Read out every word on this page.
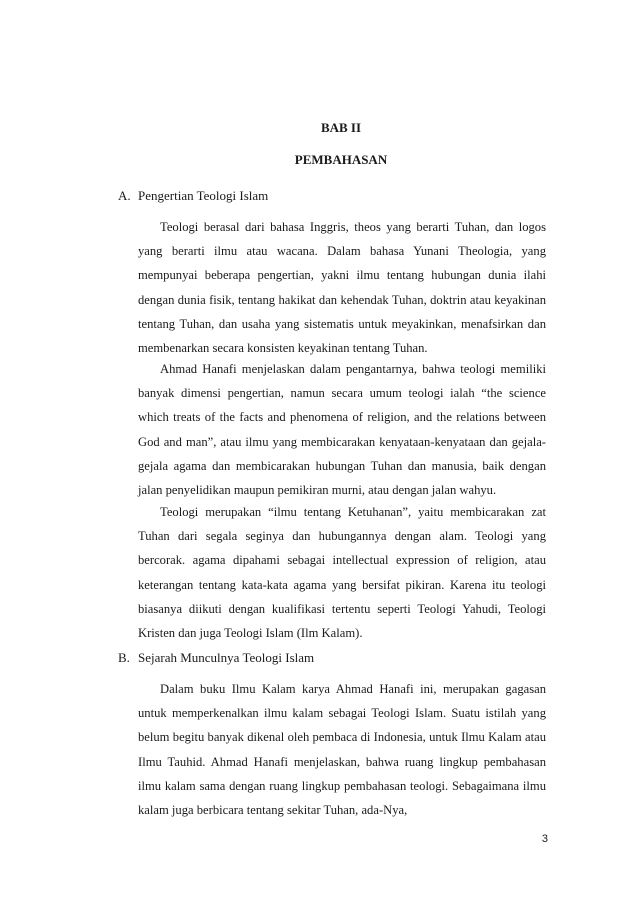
BAB II
PEMBAHASAN
A. Pengertian Teologi Islam

Teologi berasal dari bahasa Inggris, theos yang berarti Tuhan, dan logos yang berarti ilmu atau wacana. Dalam bahasa Yunani Theologia, yang mempunyai beberapa pengertian, yakni ilmu tentang hubungan dunia ilahi dengan dunia fisik, tentang hakikat dan kehendak Tuhan, doktrin atau keyakinan tentang Tuhan, dan usaha yang sistematis untuk meyakinkan, menafsirkan dan membenarkan secara konsisten keyakinan tentang Tuhan.

Ahmad Hanafi menjelaskan dalam pengantarnya, bahwa teologi memiliki banyak dimensi pengertian, namun secara umum teologi ialah “the science which treats of the facts and phenomena of religion, and the relations between God and man”, atau ilmu yang membicarakan kenyataan-kenyataan dan gejala-gejala agama dan membicarakan hubungan Tuhan dan manusia, baik dengan jalan penyelidikan maupun pemikiran murni, atau dengan jalan wahyu.

Teologi merupakan “ilmu tentang Ketuhanan”, yaitu membicarakan zat Tuhan dari segala seginya dan hubungannya dengan alam. Teologi yang bercorak. agama dipahami sebagai intellectual expression of religion, atau keterangan tentang kata-kata agama yang bersifat pikiran. Karena itu teologi biasanya diikuti dengan kualifikasi tertentu seperti Teologi Yahudi, Teologi Kristen dan juga Teologi Islam (Ilm Kalam).

B. Sejarah Munculnya Teologi Islam

Dalam buku Ilmu Kalam karya Ahmad Hanafi ini, merupakan gagasan untuk memperkenalkan ilmu kalam sebagai Teologi Islam. Suatu istilah yang belum begitu banyak dikenal oleh pembaca di Indonesia, untuk Ilmu Kalam atau Ilmu Tauhid. Ahmad Hanafi menjelaskan, bahwa ruang lingkup pembahasan ilmu kalam sama dengan ruang lingkup pembahasan teologi. Sebagaimana ilmu kalam juga berbicara tentang sekitar Tuhan, ada-Nya,

3
